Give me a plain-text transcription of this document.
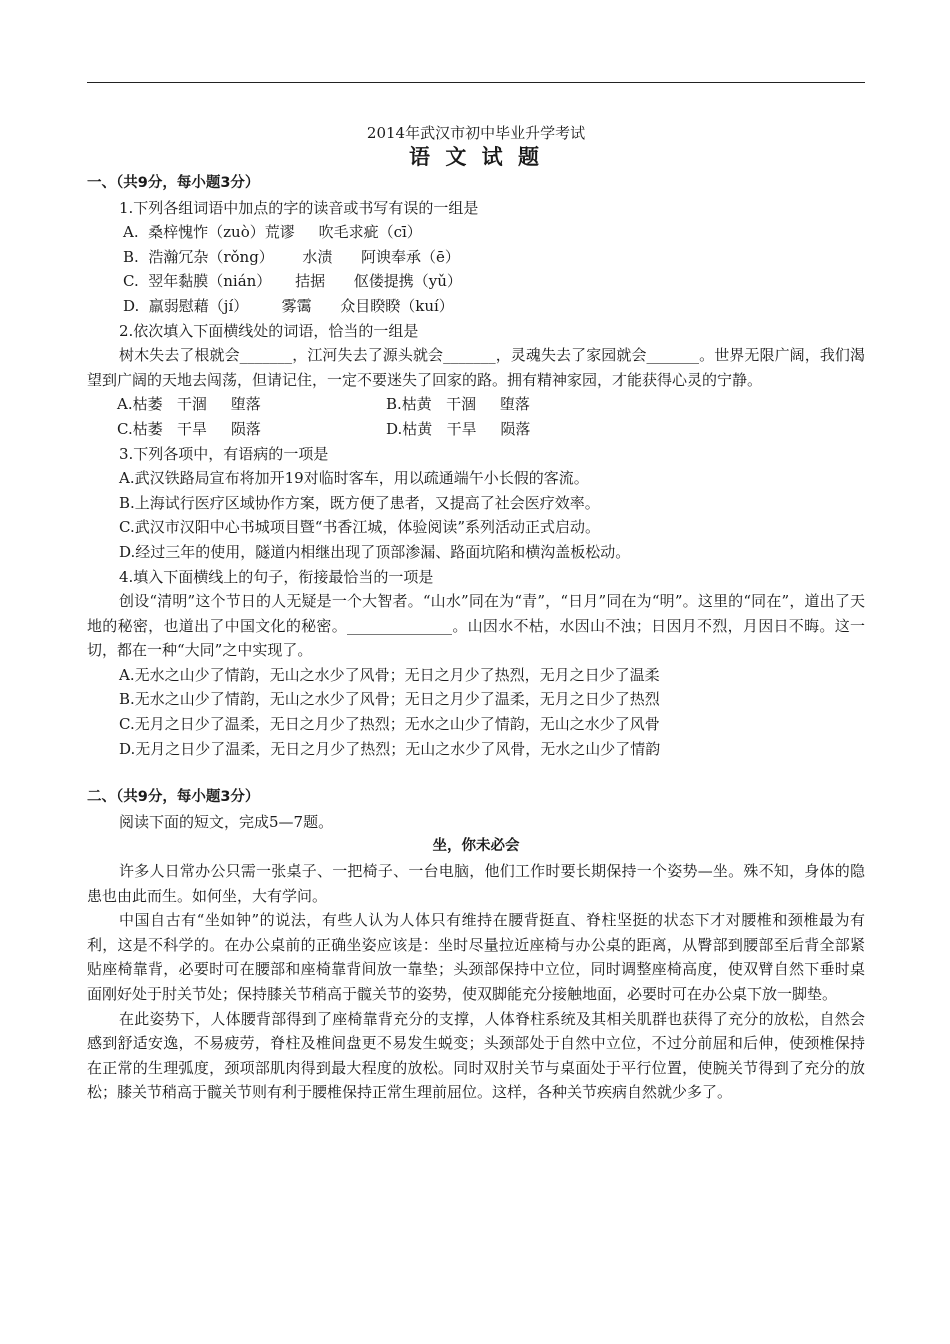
2014年武汉市初中毕业升学考试
语 文 试 题
一、（共9分，每小题3分）
1.下列各组词语中加点的字的读音或书写有误的一组是
A.  桑梓愧怍（zuò）荒谬     吹毛求疵（cī）
B.  浩瀚冗杂（rǒng）      水渍      阿谀奉承（ē）
C.  翌年黏膜（nián）     拮据      伛偻提携（yǔ）
D.  羸弱慰藉（jí）       雾霭      众目睽睽（kuí）
2.依次填入下面横线处的词语，恰当的一组是
树木失去了根就会_______，江河失去了源头就会_______，灵魂失去了家园就会_______。世界无限广阔，我们渴望到广阔的天地去闯荡，但请记住，一定不要迷失了回家的路。拥有精神家园，才能获得心灵的宁静。
A.枯萎   干涸     堕落	B.枯黄   干涸     堕落
C.枯萎   干旱     陨落	D.枯黄   干旱     陨落
3.下列各项中，有语病的一项是
A.武汉铁路局宣布将加开19对临时客车，用以疏通端午小长假的客流。
B.上海试行医疗区域协作方案，既方便了患者，又提高了社会医疗效率。
C.武汉市汉阳中心书城项目暨“书香江城，体验阅读”系列活动正式启动。
D.经过三年的使用，隧道内相继出现了顶部渗漏、路面坑陷和横沟盖板松动。
4.填入下面横线上的句子，衔接最恰当的一项是
创设“清明”这个节日的人无疑是一个大智者。“山水”同在为“青”，“日月”同在为“明”。这里的“同在”，道出了天地的秘密，也道出了中国文化的秘密。______________。山因水不枯，水因山不浊；日因月不烈，月因日不晦。这一切，都在一种“大同”之中实现了。
A.无水之山少了情韵，无山之水少了风骨；无日之月少了热烈，无月之日少了温柔
B.无水之山少了情韵，无山之水少了风骨；无日之月少了温柔，无月之日少了热烈
C.无月之日少了温柔，无日之月少了热烈；无水之山少了情韵，无山之水少了风骨
D.无月之日少了温柔，无日之月少了热烈；无山之水少了风骨，无水之山少了情韵
二、（共9分，每小题3分）
阅读下面的短文，完成5—7题。
坐，你未必会
许多人日常办公只需一张桌子、一把椅子、一台电脑，他们工作时要长期保持一个姿势—坐。殊不知，身体的隐患也由此而生。如何坐，大有学问。
中国自古有“坐如钟”的说法，有些人认为人体只有维持在腰背挺直、脊柱坚挺的状态下才对腰椎和颈椎最为有利，这是不科学的。在办公桌前的正确坐姿应该是：坐时尽量拉近座椅与办公桌的距离，从臀部到腰部至后背全部紧贴座椅靠背，必要时可在腰部和座椅靠背间放一靠垫；头颈部保持中立位，同时调整座椅高度，使双臂自然下垂时桌面刚好处于肘关节处；保持膝关节稍高于髋关节的姿势，使双脚能充分接触地面，必要时可在办公桌下放一脚垫。
在此姿势下，人体腰背部得到了座椅靠背充分的支撑，人体脊柱系统及其相关肌群也获得了充分的放松，自然会感到舒适安逸，不易疲劳，脊柱及椎间盘更不易发生蜕变；头颈部处于自然中立位，不过分前屈和后伸，使颈椎保持在正常的生理弧度，颈项部肌肉得到最大程度的放松。同时双肘关节与桌面处于平行位置，使腕关节得到了充分的放松；膝关节稍高于髋关节则有利于腰椎保持正常生理前屈位。这样，各种关节疾病自然就少多了。
